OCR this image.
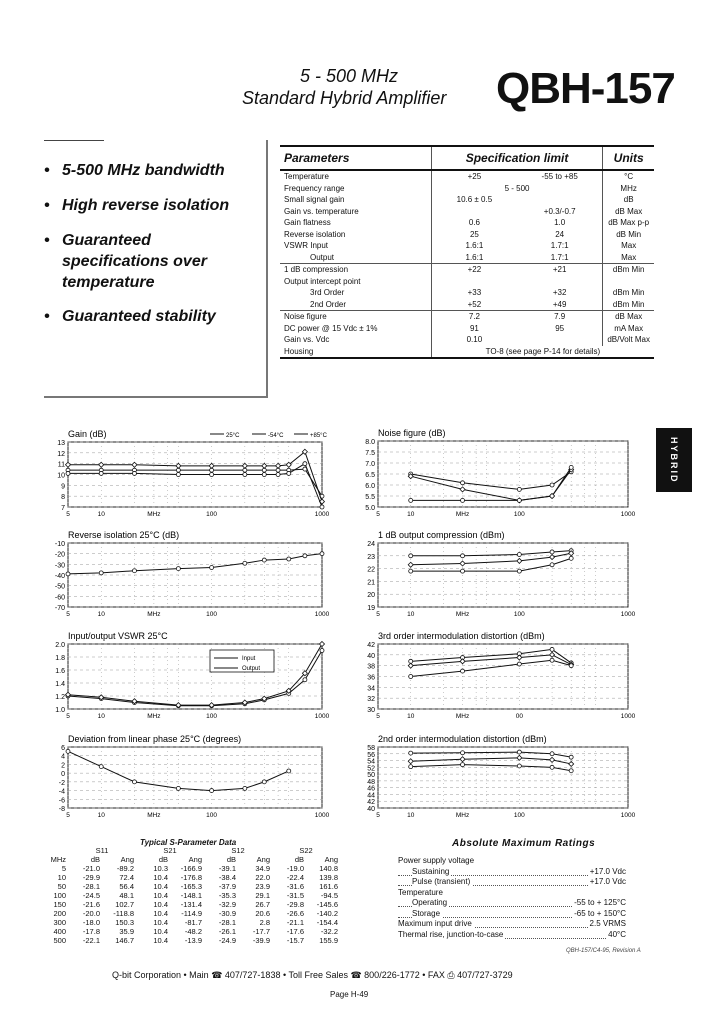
5 - 500 MHz
Standard Hybrid Amplifier QBH-157
• 5-500 MHz bandwidth
• High reverse isolation
• Guaranteed specifications over temperature
• Guaranteed stability
Parameters	Specification limit		Units
Temperature	+25	-55 to +85	°C
Frequency range	5 - 500		MHz
Small signal gain	10.6 ± 0.5		dB
Gain vs. temperature		+0.3/-0.7	dB Max
Gain flatness	0.6	1.0	dB Max p-p
Reverse isolation	25	24	dB Min
VSWR Input	1.6:1	1.7:1	Max
Output	1.6:1	1.7:1	Max
1 dB compression	+22	+21	dBm Min
Output intercept point			
3rd Order	+33	+32	dBm Min
2nd Order	+52	+49	dBm Min
Noise figure	7.2	7.9	dB Max
DC power @ 15 Vdc ± 1%	91	95	mA Max
Gain vs. Vdc	0.10		dB/Volt Max
Housing	TO-8 (see page P-14 for details)		
HYBRID
Gain (dB)
13
12
11
10
9
8
7
5	10	MHz	100	1000
25°C	-54°C	+85°C	Noise figure (dB)
8.0
7.5
7.0
6.5
6.0
5.5
5.0
5	10	MHz	100	1000
Reverse isolation 25°C (dB)
-10
-20
-30
-40
-50
-60
-70
5	10	MHz	100	1000
1 dB output compression (dBm)
24
23
22
21
20
19
5	10	MHz	100	1000
Input/output VSWR 25°C
2.0
1.8
1.6
1.4
1.2
1.0
5	10	MHz	100	1000
Input
Output
3rd order intermodulation distortion (dBm)
42
40
38
36
34
32
30
5	10	MHz	00	1000
Deviation from linear phase 25°C (degrees)
6
4
2
0
-2
-4
-6
-8
5	10	MHz	100	1000
2nd order intermodulation distortion (dBm)
58
56
54
52
50
48
46
44
42
40
5	10	MHz	100	1000
Typical S-Parameter Data
	S11		S21		S12		S22	
MHz	dB	Ang	dB	Ang	dB	Ang	dB	Ang
5	-21.0	-89.2	10.3	-166.9	-39.1	34.9	-19.0	140.8
10	-29.9	72.4	10.4	-176.8	-38.4	22.0	-22.4	139.8
50	-28.1	56.4	10.4	-165.3	-37.9	23.9	-31.6	161.6
100	-24.5	48.1	10.4	-148.1	-35.3	29.1	-31.5	-94.5
150	-21.6	102.7	10.4	-131.4	-32.9	26.7	-29.8	-145.6
200	-20.0	-118.8	10.4	-114.9	-30.9	20.6	-26.6	-140.2
300	-18.0	150.3	10.4	-81.7	-28.1	2.8	-21.1	-154.4
400	-17.8	35.9	10.4	-48.2	-26.1	-17.7	-17.6	-32.2
500	-22.1	146.7	10.4	-13.9	-24.9	-39.9	-15.7	155.9
Absolute Maximum Ratings
Power supply voltage
Sustaining	+17.0 Vdc
Pulse (transient)	+17.0 Vdc
Temperature
Operating	-55 to + 125°C
Storage	-65 to + 150°C
Maximum input drive	2.5 VRMS
Thermal rise, junction-to-case	40°C
QBH-157/C4-95, Revision A
Q-bit Corporation • Main ☎ 407/727-1838 • Toll Free Sales ☎ 800/226-1772 • FAX ⎙ 407/727-3729
Page H-49
